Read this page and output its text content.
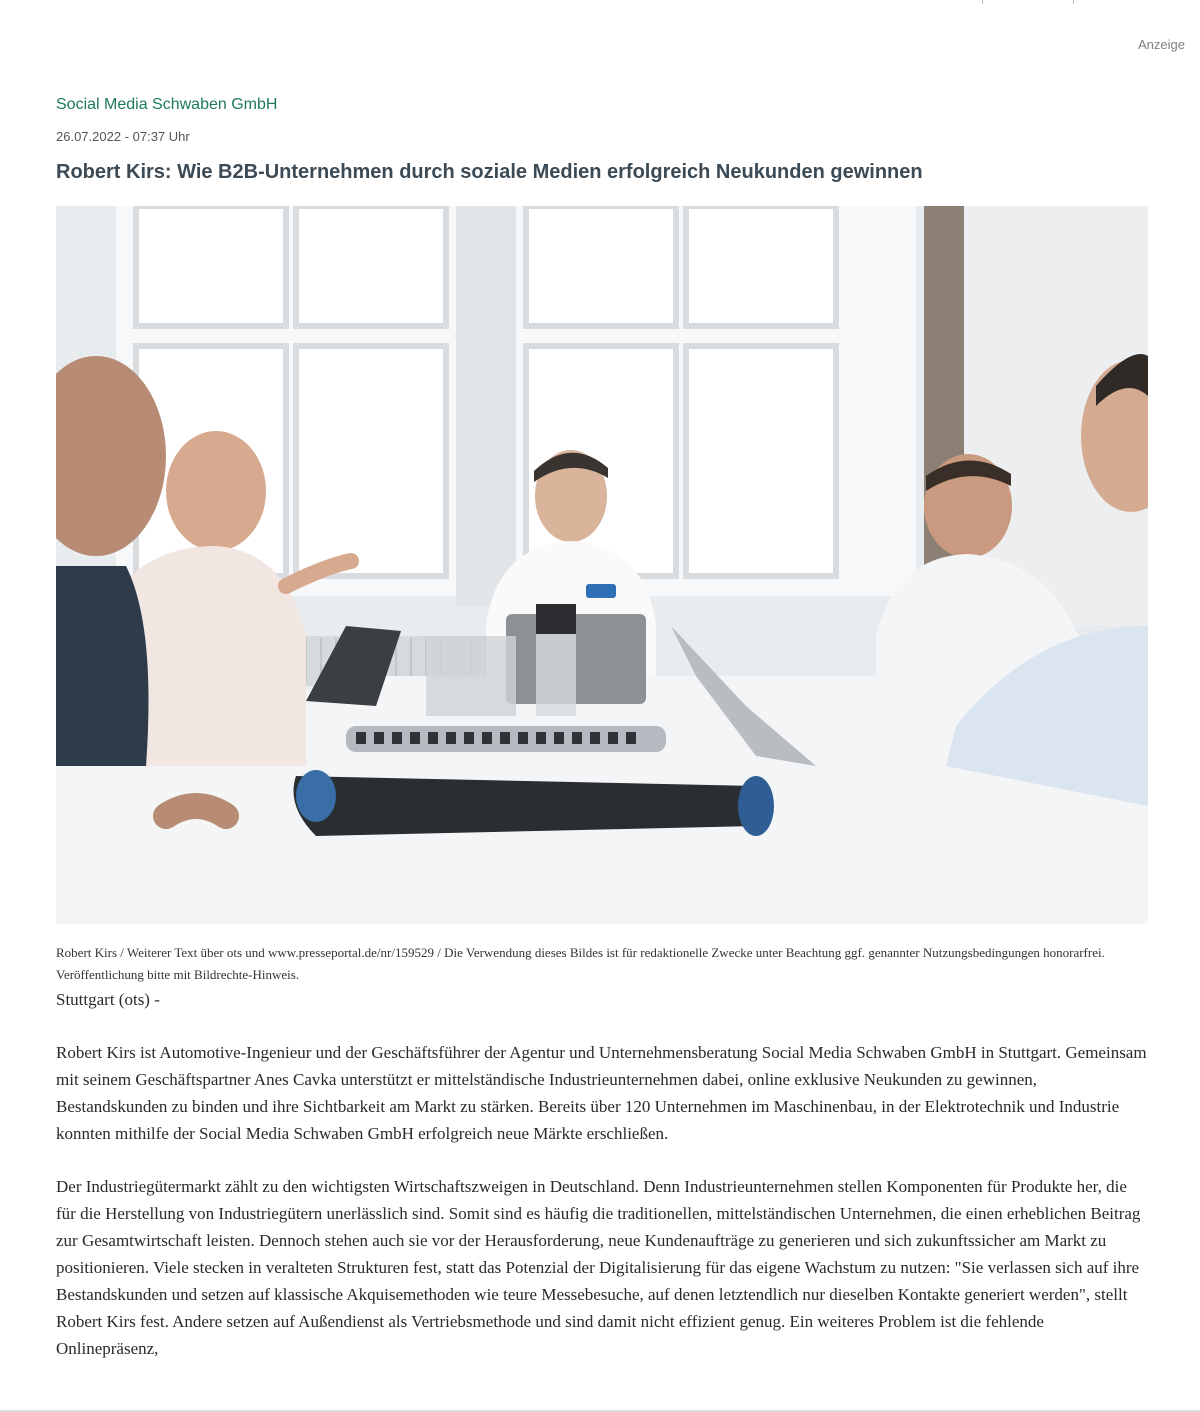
Anzeige
Social Media Schwaben GmbH
26.07.2022 - 07:37 Uhr
Robert Kirs: Wie B2B-Unternehmen durch soziale Medien erfolgreich Neukunden gewinnen
Robert Kirs / Weiterer Text über ots und www.presseportal.de/nr/159529 / Die Verwendung dieses Bildes ist für redaktionelle Zwecke unter Beachtung ggf. genannter Nutzungsbedingungen honorarfrei. Veröffentlichung bitte mit Bildrechte-Hinweis.

Stuttgart (ots) -

Robert Kirs ist Automotive-Ingenieur und der Geschäftsführer der Agentur und Unternehmensberatung Social Media Schwaben GmbH in Stuttgart. Gemeinsam mit seinem Geschäftspartner Anes Cavka unterstützt er mittelständische Industrieunternehmen dabei, online exklusive Neukunden zu gewinnen, Bestandskunden zu binden und ihre Sichtbarkeit am Markt zu stärken. Bereits über 120 Unternehmen im Maschinenbau, in der Elektrotechnik und Industrie konnten mithilfe der Social Media Schwaben GmbH erfolgreich neue Märkte erschließen.

Der Industriegütermarkt zählt zu den wichtigsten Wirtschaftszweigen in Deutschland. Denn Industrieunternehmen stellen Komponenten für Produkte her, die für die Herstellung von Industriegütern unerlässlich sind. Somit sind es häufig die traditionellen, mittelständischen Unternehmen, die einen erheblichen Beitrag zur Gesamtwirtschaft leisten. Dennoch stehen auch sie vor der Herausforderung, neue Kundenaufträge zu generieren und sich zukunftssicher am Markt zu positionieren. Viele stecken in veralteten Strukturen fest, statt das Potenzial der Digitalisierung für das eigene Wachstum zu nutzen: "Sie verlassen sich auf ihre Bestandskunden und setzen auf klassische Akquisemethoden wie teure Messebesuche, auf denen letztendlich nur dieselben Kontakte generiert werden", stellt Robert Kirs fest. Andere setzen auf Außendienst als Vertriebsmethode und sind damit nicht effizient genug. Ein weiteres Problem ist die fehlende Onlinepräsenz,
